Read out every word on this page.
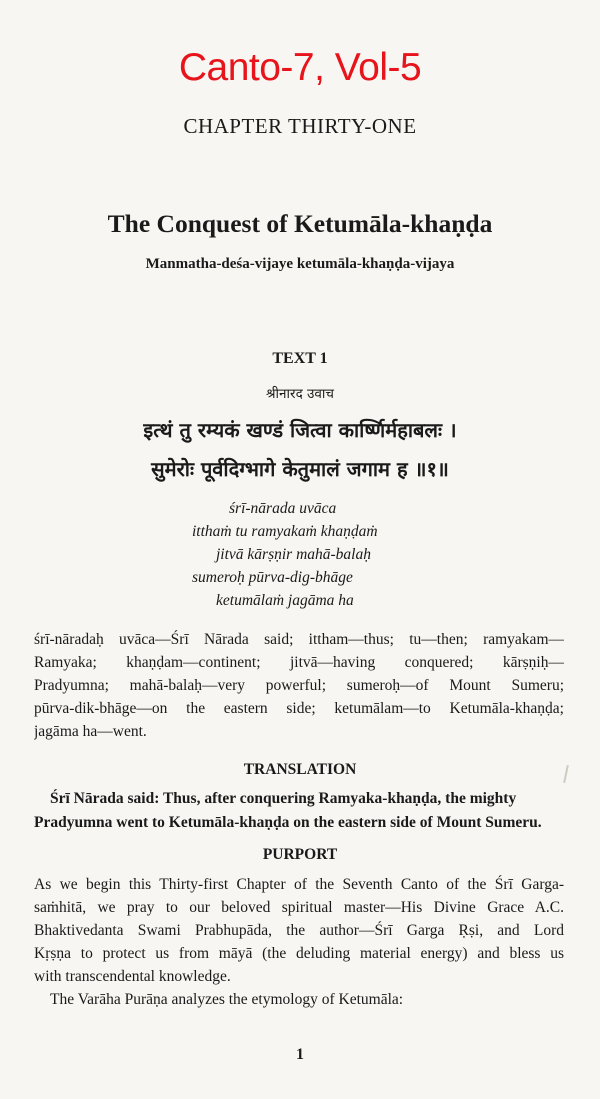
Canto-7, Vol-5
CHAPTER THIRTY-ONE
The Conquest of Ketumāla-khaṇḍa
Manmatha-deśa-vijaye ketumāla-khaṇḍa-vijaya
TEXT 1
श्रीनारद उवाच
इत्थं तु रम्यकं खण्डं जित्वा कार्ष्णिर्महाबलः ।
सुमेरोः पूर्वदिग्भागे केतुमालं जगाम ह ॥१॥
śrī-nārada uvāca
itthaṁ tu ramyakaṁ khaṇḍaṁ
jitvā kārṣṇir mahā-balaḥ
sumeroḥ pūrva-dig-bhāge
ketumālaṁ jagāma ha
śrī-nāradaḥ uvāca—Śrī Nārada said; ittham—thus; tu—then; ramyakam—
Ramyaka; khaṇḍam—continent; jitvā—having conquered; kārṣṇiḥ—
Pradyumna; mahā-balaḥ—very powerful; sumeroḥ—of Mount Sumeru;
pūrva-dik-bhāge—on the eastern side; ketumālam—to Ketumāla-khaṇḍa;
jagāma ha—went.
TRANSLATION
Śrī Nārada said: Thus, after conquering Ramyaka-khaṇḍa, the mighty
Pradyumna went to Ketumāla-khaṇḍa on the eastern side of Mount Sumeru.
PURPORT
As we begin this Thirty-first Chapter of the Seventh Canto of the Śrī Garga-
saṁhitā, we pray to our beloved spiritual master—His Divine Grace A.C.
Bhaktivedanta Swami Prabhupāda, the author—Śrī Garga Ṛṣi, and Lord
Kṛṣṇa to protect us from māyā (the deluding material energy) and bless us
with transcendental knowledge.
The Varāha Purāṇa analyzes the etymology of Ketumāla:
1
